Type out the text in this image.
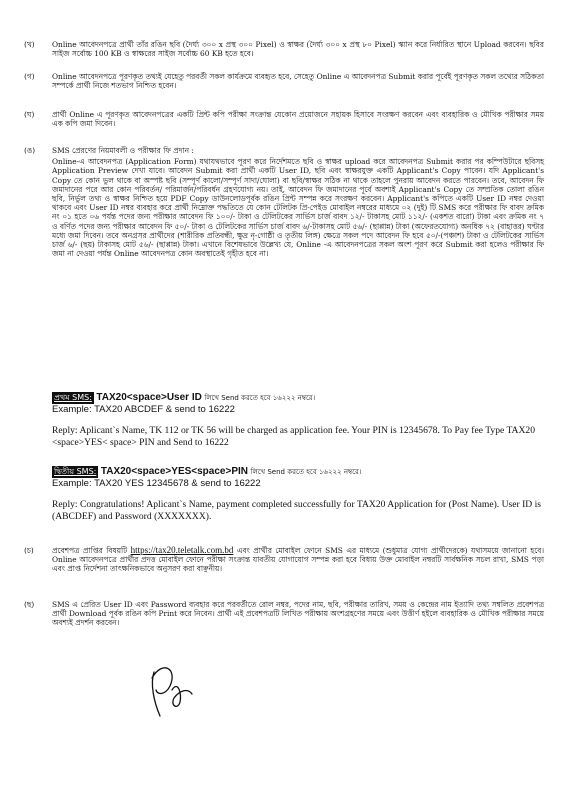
(খ) Online আবেদনপত্রে প্রার্থী তাঁর রঙিন ছবি (দৈর্ঘ্য ৩০০ x প্রস্থ ৩০০ Pixel) ও স্বাক্ষর (দৈর্ঘ্য ৩০০ x প্রস্থ ৮০ Pixel) স্ক্যান করে নির্ধারিত স্থানে Upload করবেন। ছবির সাইজ সর্বোচ্চ 100 KB ও স্বাক্ষরের সাইজ সর্বোচ্চ 60 KB হতে হবে।
(গ) Online আবেদনপত্রে পূরণকৃত তথ্যই যেহেতু পরবর্তী সকল কার্যক্রমে ব্যবহৃত হবে, সেহেতু Online এ আবেদনপত্র Submit করার পূর্বেই পূরণকৃত সকল তথ্যের সঠিকতা সম্পর্কে প্রার্থী নিজে শতভাগ নিশ্চিত হবেন।
(ঘ) প্রার্থী Online এ পূরণকৃত আবেদনপত্রের একটি প্রিন্ট কপি পরীক্ষা সংক্রান্ত যেকোন প্রয়োজনে সহায়ক হিসাবে সংরক্ষণ করবেন এবং ব্যবহারিক ও মৌখিক পরীক্ষার সময় এক কপি জমা দিবেন।
(ঙ) SMS প্রেরণের নিয়মাবলী ও পরীক্ষার ফি প্রদান :
Online-এ আবেদনপত্র (Application Form) যথাযথভাবে পূরণ করে নির্দেশমতে ছবি ও স্বাক্ষর upload করে আবেদনপত্র Submit করার পর কম্পিউটারে ছবিসহ Application Preview দেখা যাবে। আবেদন Submit করা প্রার্থী একটি User ID, ছবি এবং স্বাক্ষরযুক্ত একটি Applicant's Copy পাবেন। যদি Applicant's Copy তে কোন ভুল থাকে বা অস্পষ্ট ছবি (সম্পূর্ণ কালো/সম্পূর্ণ সাদা/ঘোলা) বা ছবি/স্বাক্ষর সঠিক না থাকে তাহলে পুনরায় আবেদন করতে পারবেন। তবে, আবেদন ফি জমাদানের পরে আর কোন পরিবর্তন/ পরিমার্জন/পরিবর্ধন গ্রহণযোগ্য নয়। তাই, আবেদন ফি জমাদানের পূর্বে অবশ্যই Applicant's Copy তে সম্প্রতিক তোলা রঙিন ছবি, নির্ভুল তথ্য ও স্বাক্ষর নিশ্চিত হয়ে PDF Copy ডাউনলোডপূর্বক রঙিন প্রিন্ট সম্পন্ন করে সংরক্ষণ করবেন। Applicant's কপিতে একটি User ID নম্বর দেওয়া থাকবে এবং User ID নম্বর ব্যবহার করে প্রার্থী নিম্নোক্ত পদ্ধতিতে যে কোন টেলিটক প্রি-পেইড মোবাইল নম্বরের মাধ্যমে ০২ (দুই) টি SMS করে পরীক্ষার ফি বাবদ ক্রমিক নং ০১ হতে ০৬ পর্যন্ত পদের জন্য পরীক্ষার আবেদন ফি ১০০/- টাকা ও টেলিটকের সার্ভিস চার্জ বাবদ ১২/- টাকাসহ মোট ১১২/- (একশত বারো) টাকা এবং ক্রমিক নং ৭ ও বর্ণিত পদের জন্য পরীক্ষার আবেদন ফি ৫০/- টাকা ও টেলিটকের সার্ভিস চার্জ বাবদ ৬/-টাকাসহ মোট ৫৬/- (ছাপ্পান্ন) টাকা (অফেরতযোগ্য) অনধিক ৭২ (বাহাত্তর) ঘণ্টার মধ্যে জমা দিবেন। তবে অনগ্রসর প্রার্থীদের (শারীরিক প্রতিবন্ধী, ক্ষুদ্র নৃ-গোষ্ঠী ও তৃতীয় লিঙ্গ) ক্ষেত্রে সকল পদে আবেদন ফি হবে ৫০/-(পঞ্চাশ) টাকা ও টেলিটকের সার্ভিস চার্জ ৬/- (ছয়) টাকাসহ মোট ৫৬/- (ছাপ্পান্ন) টাকা। এখানে বিশেষভাবে উল্লেখ্য যে, Online -এ আবেদনপত্রের সকল অংশ পূরণ করে Submit করা হলেও পরীক্ষার ফি জমা না দেওয়া পর্যন্ত Online আবেদনপত্র কোন অবস্থাতেই গৃহীত হবে না।
প্রথম SMS: TAX20<space>User ID লিখে Send করতে হবে ১৬২২২ নম্বরে।
Example: TAX20 ABCDEF & send to 16222
Reply: Aplicant`s Name, TK 112 or TK 56 will be charged as application fee. Your PIN is 12345678. To Pay fee Type TAX20 <space>YES< space> PIN and Send to 16222
দ্বিতীয় SMS: TAX20<space>YES<space>PIN লিখে Send করতে হবে ১৬২২২ নম্বরে।
Example: TAX20 YES 12345678 & send to 16222
Reply: Congratulations! Aplicant`s Name, payment completed successfully for TAX20 Application for (Post Name). User ID is (ABCDEF) and Password (XXXXXXX).
(চ) প্রবেশপত্র প্রাপ্তির বিষয়টি https://tax20.teletalk.com.bd এবং প্রার্থীর মোবাইল ফোনে SMS এর মাধ্যমে (শুধুমাত্র যোগ্য প্রার্থীদেরকে) যথাসময়ে জানানো হবে। Online আবেদনপত্রে প্রার্থীর প্রদত্ত মোবাইল ফোনে পরীক্ষা সংক্রান্ত যাবতীয় যোগাযোগ সম্পন্ন করা হবে বিধায় উক্ত মোবাইল নম্বরটি সার্বক্ষনিক সচল রাখা, SMS পড়া এবং প্রাপ্ত নির্দেশনা তাৎক্ষনিকভাবে অনুসরণ করা বাঞ্ছনীয়।
(ছ) SMS এ প্রেরিত User ID এবং Password ব্যবহার করে পরবর্তীতে রোল নম্বর, পদের নাম, ছবি, পরীক্ষার তারিখ, সময় ও কেন্দ্রের নাম ইত্যাদি তথ্য সম্বলিত প্রবেশপত্র প্রার্থী Download পূর্বক রঙিন কপি Print করে নিবেন। প্রার্থী এই প্রবেশপত্রটি লিখিত পরীক্ষায় অংশগ্রহণের সময়ে এবং উত্তীর্ণ হইলে ব্যবহারিক ও মৌখিক পরীক্ষার সময়ে অবশ্যই প্রদর্শন করবেন।
